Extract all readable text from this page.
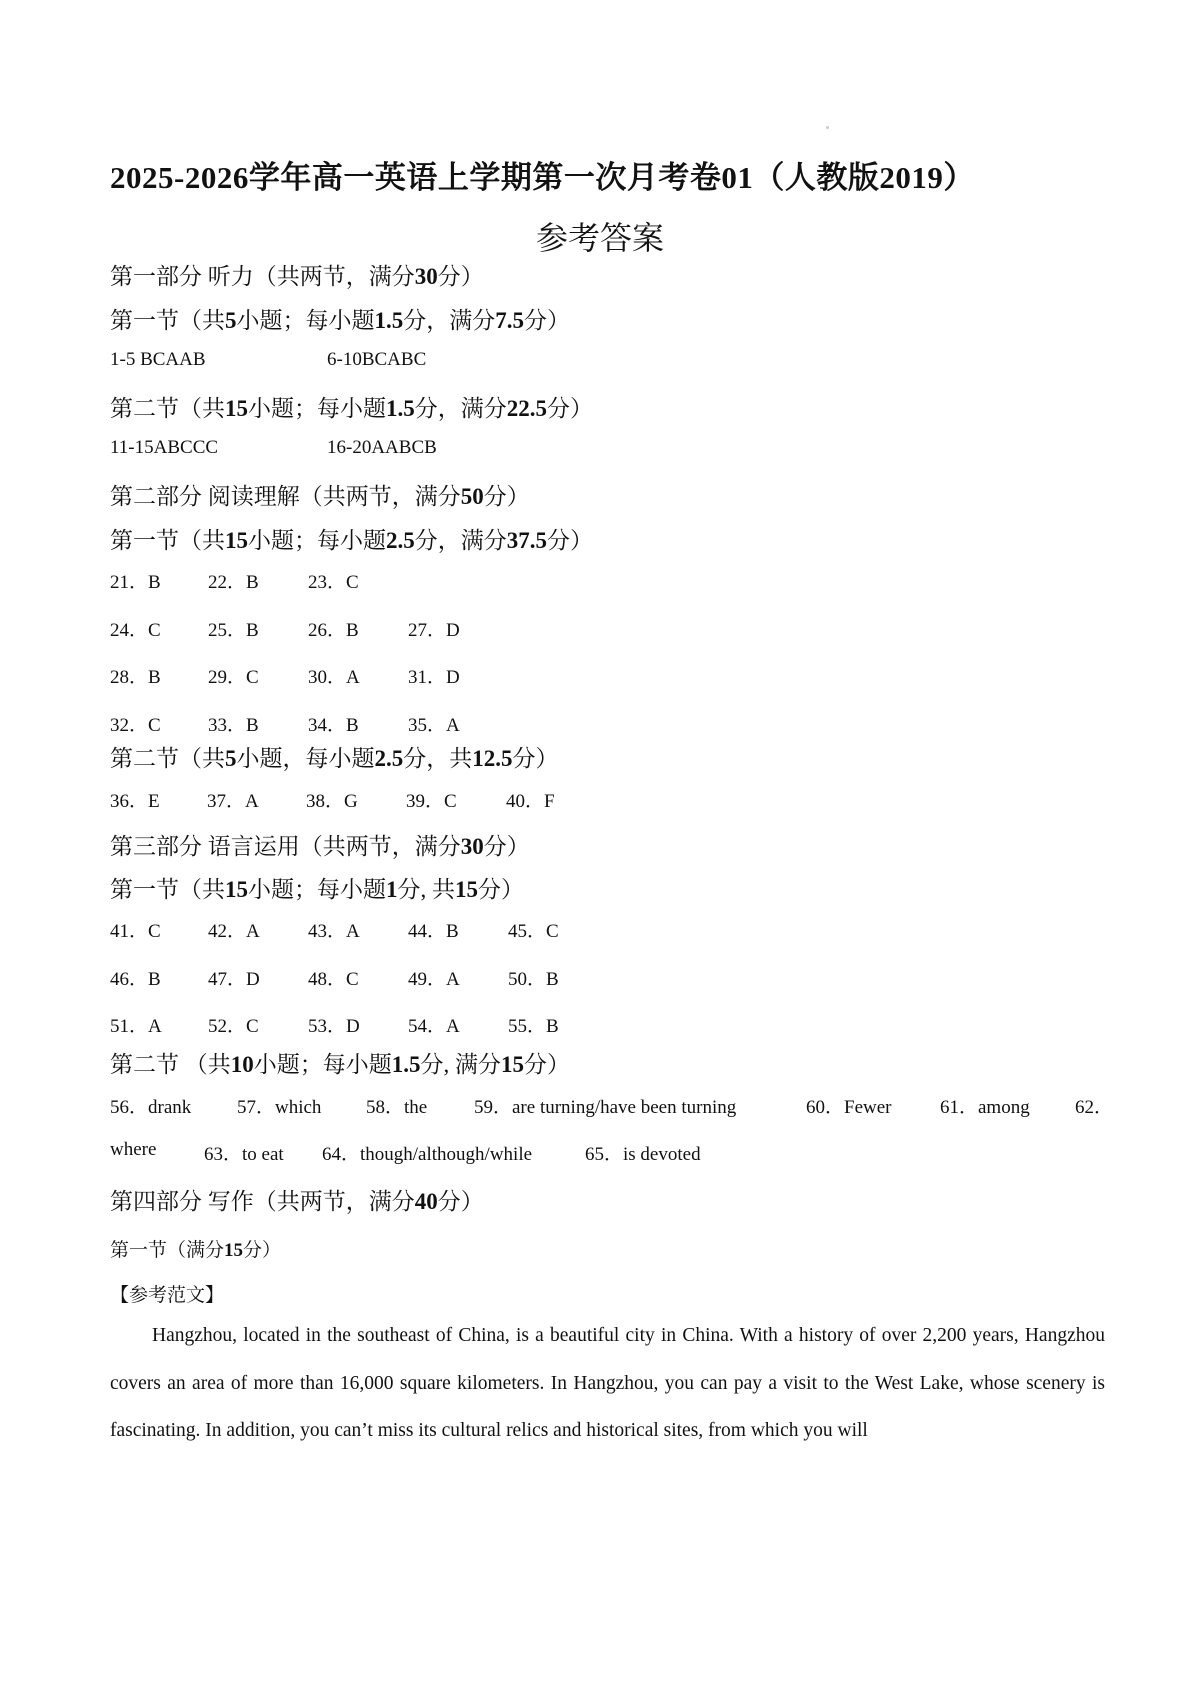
2025-2026学年高一英语上学期第一次月考卷01（人教版2019）
参考答案
第一部分 听力（共两节，满分30分）
第一节（共5小题；每小题1.5分，满分7.5分）
1-5 BCAAB	6-10BCABC
第二节（共15小题；每小题1.5分，满分22.5分）
11-15ABCCC	16-20AABCB
第二部分 阅读理解（共两节，满分50分）
第一节（共15小题；每小题2.5分，满分37.5分）
21．B 22．B	23．C
24．C 25．B	26．B	27．D
28．B 29．C	30．A	31．D
32．C 33．B	34．B	35．A
第二节（共5小题，每小题2.5分，共12.5分）
36．E 37．A 38．G	39．C	40．F
第三部分 语言运用（共两节，满分30分）
第一节（共15小题；每小题1分, 共15分）
41．C 42．A	43．A	44．B	45．C
46．B 47．D	48．C	49．A	50．B
51．A 52．C	53．D	54．A	55．B
第二节 （共10小题；每小题1.5分, 满分15分）
56．drank 57．which 58．the 59．are turning/have been turning	60．Fewer	61．among 62．
where	63．to eat 64．though/although/while	65．is devoted
第四部分 写作（共两节，满分40分）
第一节（满分15分）
【参考范文】
Hangzhou, located in the southeast of China, is a beautiful city in China. With a history of over 2,200 years, Hangzhou covers an area of more than 16,000 square kilometers. In Hangzhou, you can pay a visit to the West Lake, whose scenery is fascinating. In addition, you can’t miss its cultural relics and historical sites, from which you will
